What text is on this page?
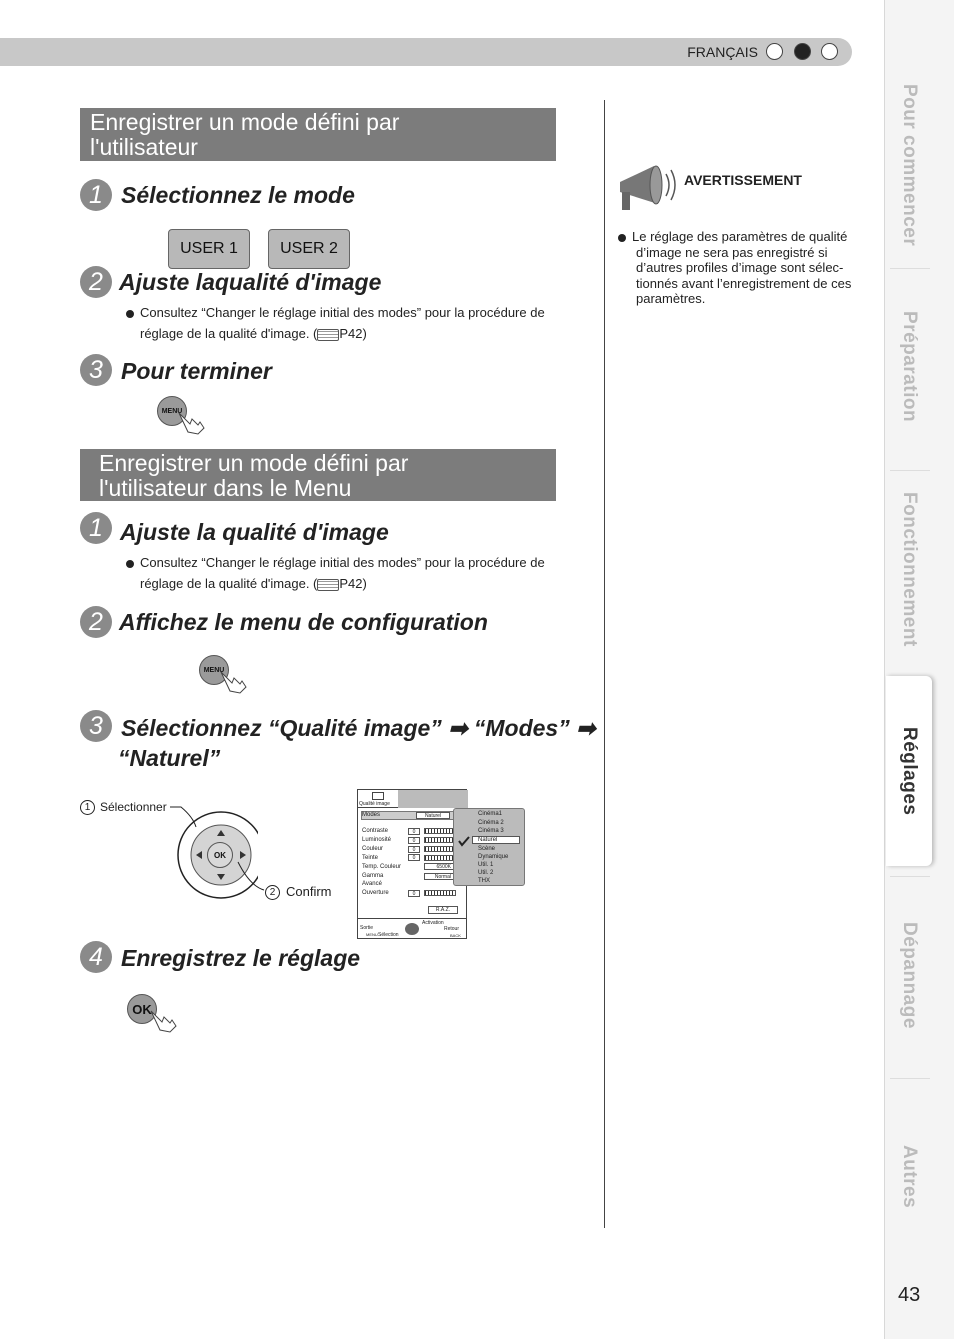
FRANÇAIS
Pour commencer
Préparation
Fonctionnement
Réglages
Dépannage
Autres
43
Enregistrer un mode défini par
l'utilisateur
1 Sélectionnez le mode
USER 1	USER 2
2 Ajuste laqualité d'image
Consultez “Changer le réglage initial des modes” pour la procédure de
réglage de la qualité d'image. ( P42)
3 Pour terminer
MENU
Enregistrer un mode défini par
l'utilisateur dans le Menu
1 Ajuste la qualité d'image
Consultez “Changer le réglage initial des modes” pour la procédure de
réglage de la qualité d'image. ( P42)
2 Affichez le menu de configuration
MENU
3 Sélectionnez “Qualité image” ➡ “Modes” ➡
“Naturel”
OK
1 Sélectionner
2 Confirm
Qualité image
Modes	Naturel
Contraste	0
Luminosité	0
Couleur	0
Teinte	0
Temp. Couleur	6500K
Gamma	Normal
Avancé
Ouverture	0
R.A.Z.
Sortie
MENU Sélection
Activation
Retour
BACK
Cinéma1
Cinéma 2
Cinéma 3
Naturel
Scène
Dynamique
Util. 1
Util. 2
THX
4 Enregistrez le réglage
OK
AVERTISSEMENT
Le réglage des paramètres de qualité
d’image ne sera pas enregistré si
d’autres profiles d’image sont sélec-
tionnés avant l’enregistrement de ces
paramètres.
